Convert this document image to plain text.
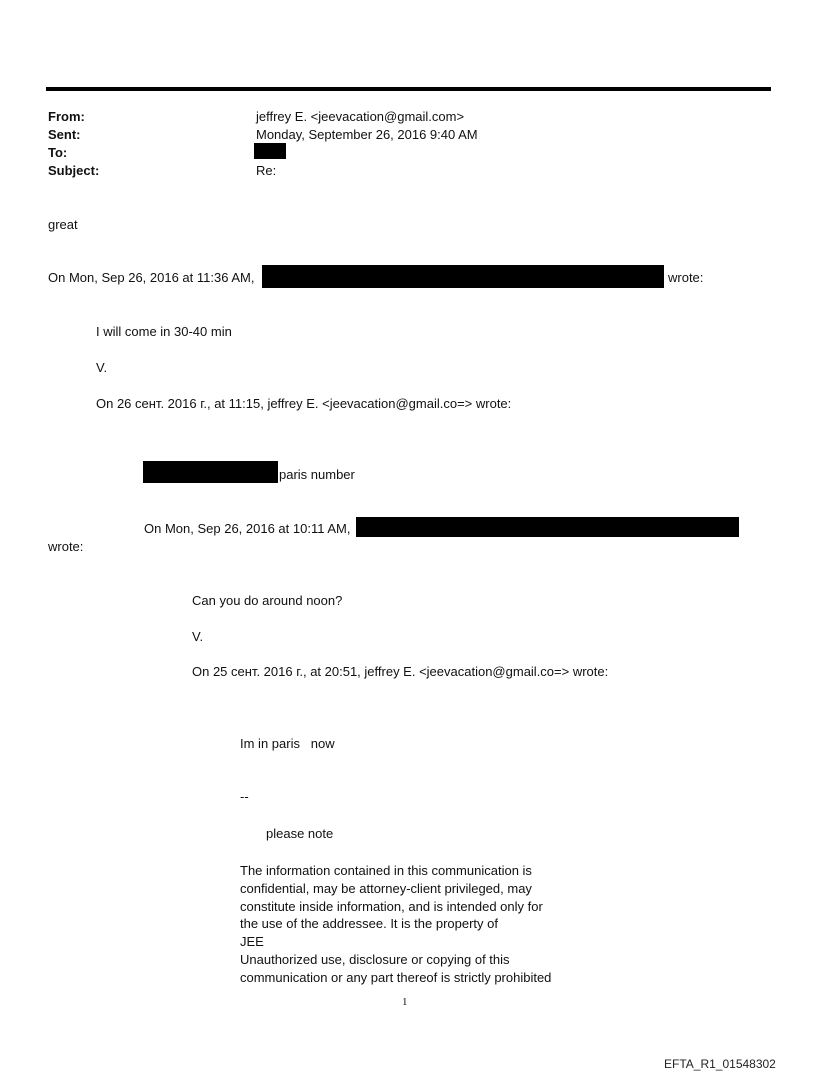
From:	jeffrey E. <jeevacation@gmail.com>
Sent:	Monday, September 26, 2016 9:40 AM
To:
Subject:	Re:
great
On Mon, Sep 26, 2016 at 11:36 AM,	wrote:
I will come in 30-40 min
V.
On 26 сент. 2016 г., at 11:15, jeffrey E. <jeevacation@gmail.co=> wrote:
paris number
On Mon, Sep 26, 2016 at 10:11 AM,
wrote:
Can you do around noon?
V.
On 25 сент. 2016 г., at 20:51, jeffrey E. <jeevacation@gmail.co=> wrote:
Im in paris   now
--
please note
The information contained in this communication is
confidential, may be attorney-client privileged, may
constitute inside information, and is intended only for
the use of the addressee. It is the property of
JEE
Unauthorized use, disclosure or copying of this
communication or any part thereof is strictly prohibited
1
EFTA_R1_01548302
